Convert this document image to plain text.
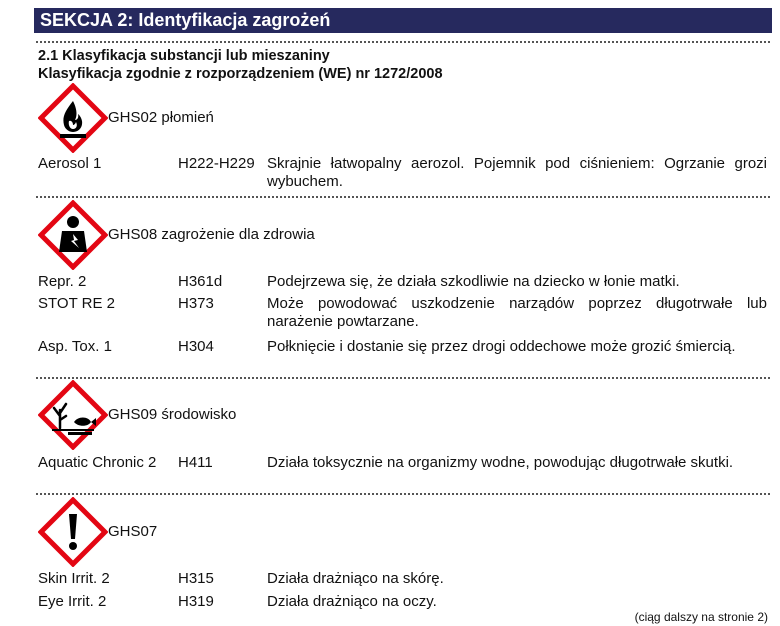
SEKCJA 2: Identyfikacja zagrożeń
2.1 Klasyfikacja substancji lub mieszaniny
Klasyfikacja zgodnie z rozporządzeniem (WE) nr 1272/2008
GHS02 płomień
Aerosol 1	H222-H229 Skrajnie łatwopalny aerozol. Pojemnik pod ciśnieniem: Ogrzanie grozi wybuchem.
GHS08 zagrożenie dla zdrowia
Repr. 2	H361d	Podejrzewa się, że działa szkodliwie na dziecko w łonie matki.
STOT RE 2	H373	Może powodować uszkodzenie narządów poprzez długotrwałe lub narażenie powtarzane.
Asp. Tox. 1	H304	Połknięcie i dostanie się przez drogi oddechowe może grozić śmiercią.
GHS09 środowisko
Aquatic Chronic 2	H411	Działa toksycznie na organizmy wodne, powodując długotrwałe skutki.
GHS07
Skin Irrit. 2	H315	Działa drażniąco na skórę.
Eye Irrit. 2	H319	Działa drażniąco na oczy.
(ciąg dalszy na stronie 2)
